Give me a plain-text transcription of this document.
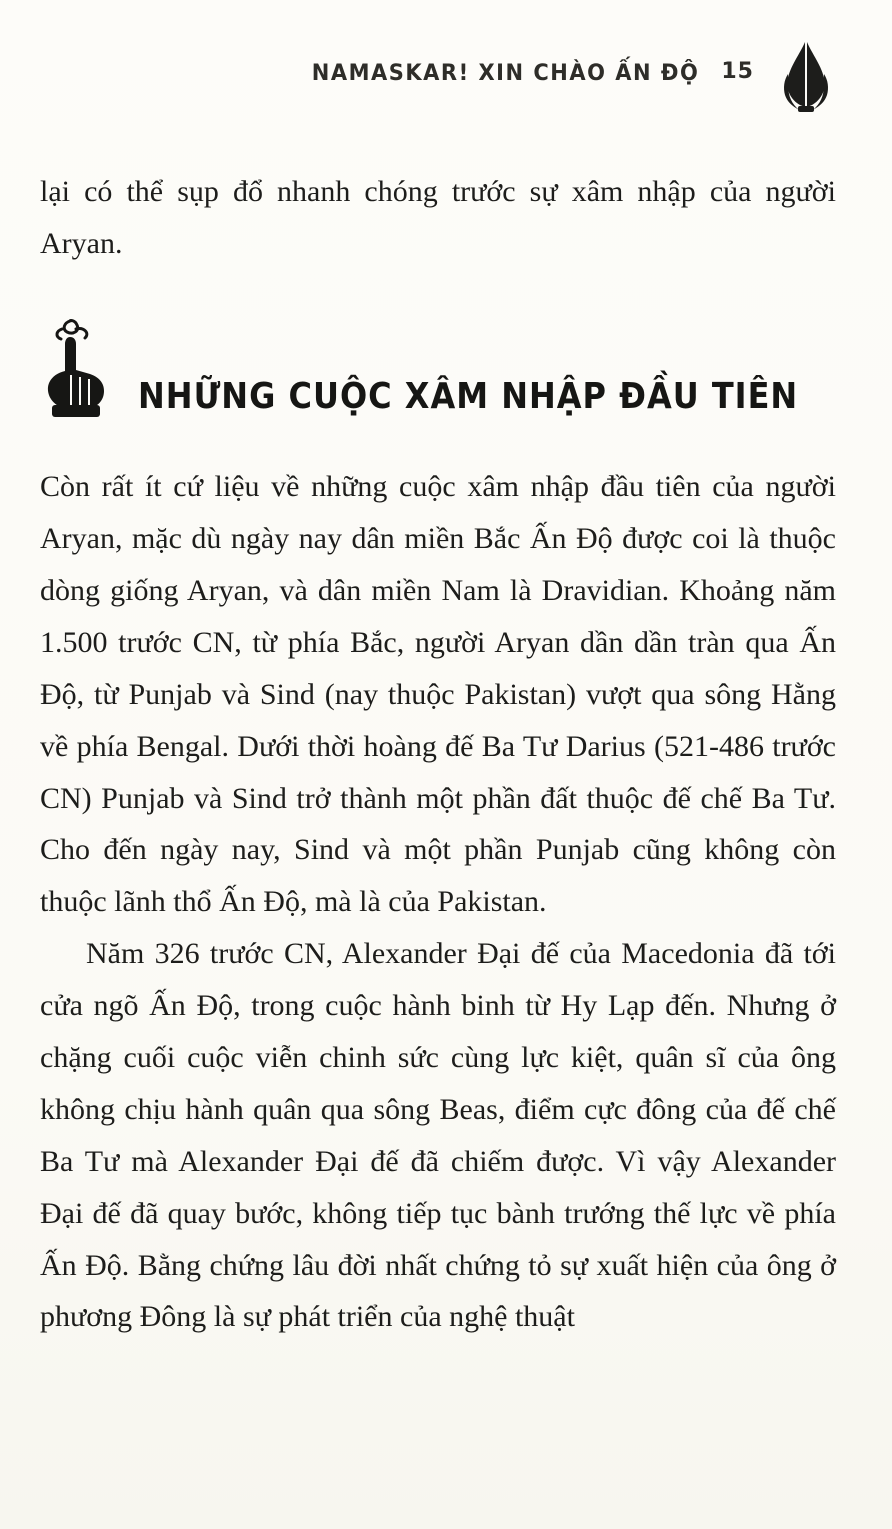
NAMASKAR! XIN CHÀO ẤN ĐỘ 15

lại có thể sụp đổ nhanh chóng trước sự xâm nhập của người Aryan.

NHỮNG CUỘC XÂM NHẬP ĐẦU TIÊN

Còn rất ít cứ liệu về những cuộc xâm nhập đầu tiên của người Aryan, mặc dù ngày nay dân miền Bắc Ấn Độ được coi là thuộc dòng giống Aryan, và dân miền Nam là Dravidian. Khoảng năm 1.500 trước CN, từ phía Bắc, người Aryan dần dần tràn qua Ấn Độ, từ Punjab và Sind (nay thuộc Pakistan) vượt qua sông Hằng về phía Bengal. Dưới thời hoàng đế Ba Tư Darius (521-486 trước CN) Punjab và Sind trở thành một phần đất thuộc đế chế Ba Tư. Cho đến ngày nay, Sind và một phần Punjab cũng không còn thuộc lãnh thổ Ấn Độ, mà là của Pakistan.

Năm 326 trước CN, Alexander Đại đế của Macedonia đã tới cửa ngõ Ấn Độ, trong cuộc hành binh từ Hy Lạp đến. Nhưng ở chặng cuối cuộc viễn chinh sức cùng lực kiệt, quân sĩ của ông không chịu hành quân qua sông Beas, điểm cực đông của đế chế Ba Tư mà Alexander Đại đế đã chiếm được. Vì vậy Alexander Đại đế đã quay bước, không tiếp tục bành trướng thế lực về phía Ấn Độ. Bằng chứng lâu đời nhất chứng tỏ sự xuất hiện của ông ở phương Đông là sự phát triển của nghệ thuật
